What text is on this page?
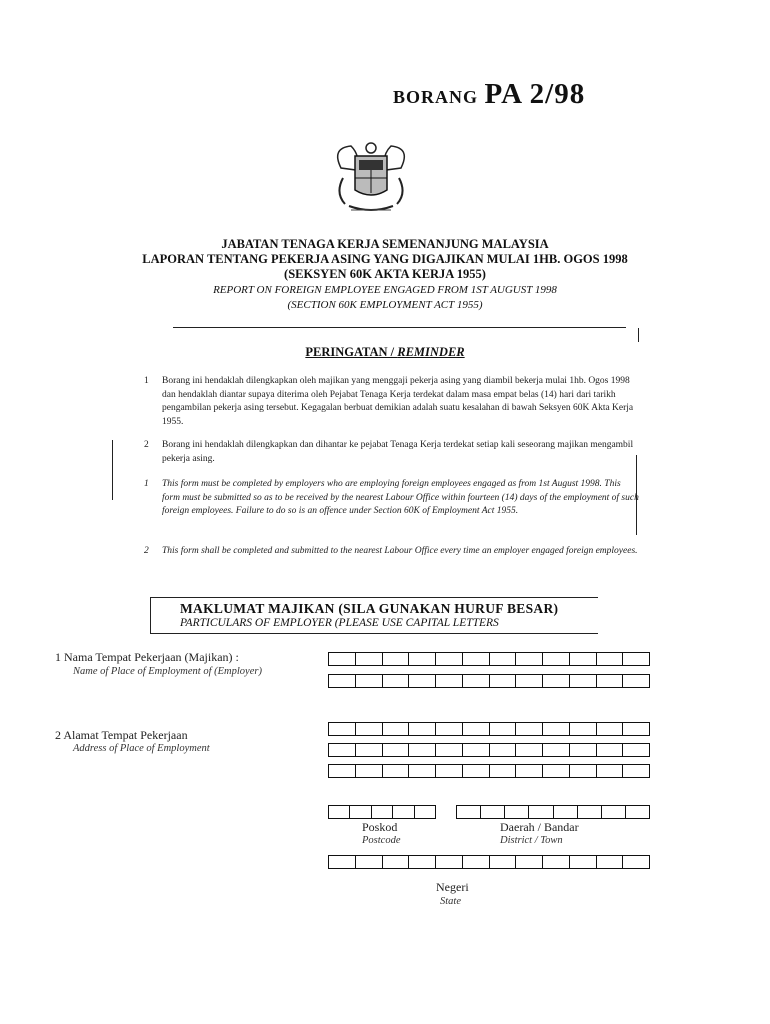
BORANG PA 2/98
JABATAN TENAGA KERJA SEMENANJUNG MALAYSIA
LAPORAN TENTANG PEKERJA ASING YANG DIGAJIKAN MULAI 1HB. OGOS 1998
(SEKSYEN 60K AKTA KERJA 1955)
REPORT ON FOREIGN EMPLOYEE ENGAGED FROM 1ST AUGUST 1998
(SECTION 60K EMPLOYMENT ACT 1955)
PERINGATAN / REMINDER
1 Borang ini hendaklah dilengkapkan oleh majikan yang menggaji pekerja asing yang diambil bekerja mulai 1hb. Ogos 1998 dan hendaklah diantar supaya diterima oleh Pejabat Tenaga Kerja terdekat dalam masa empat belas (14) hari dari tarikh pengambilan pekerja asing tersebut. Kegagalan berbuat demikian adalah suatu kesalahan di bawah Seksyen 60K Akta Kerja 1955.
2 Borang ini hendaklah dilengkapkan dan dihantar ke pejabat Tenaga Kerja terdekat setiap kali seseorang majikan mengambil pekerja asing.
1 This form must be completed by employers who are employing foreign employees engaged as from 1st August 1998. This form must be submitted so as to be received by the nearest Labour Office within fourteen (14) days of the employment of such foreign employees. Failure to do so is an offence under Section 60K of Employment Act 1955.
2 This form shall be completed and submitted to the nearest Labour Office every time an employer engaged foreign employees.
MAKLUMAT MAJIKAN (SILA GUNAKAN HURUF BESAR)
PARTICULARS OF EMPLOYER (PLEASE USE CAPITAL LETTERS
1 Nama Tempat Pekerjaan (Majikan) :
Name of Place of Employment of (Employer)
2 Alamat Tempat Pekerjaan
Address of Place of Employment
Poskod
Postcode
Daerah / Bandar
District / Town
Negeri
State
